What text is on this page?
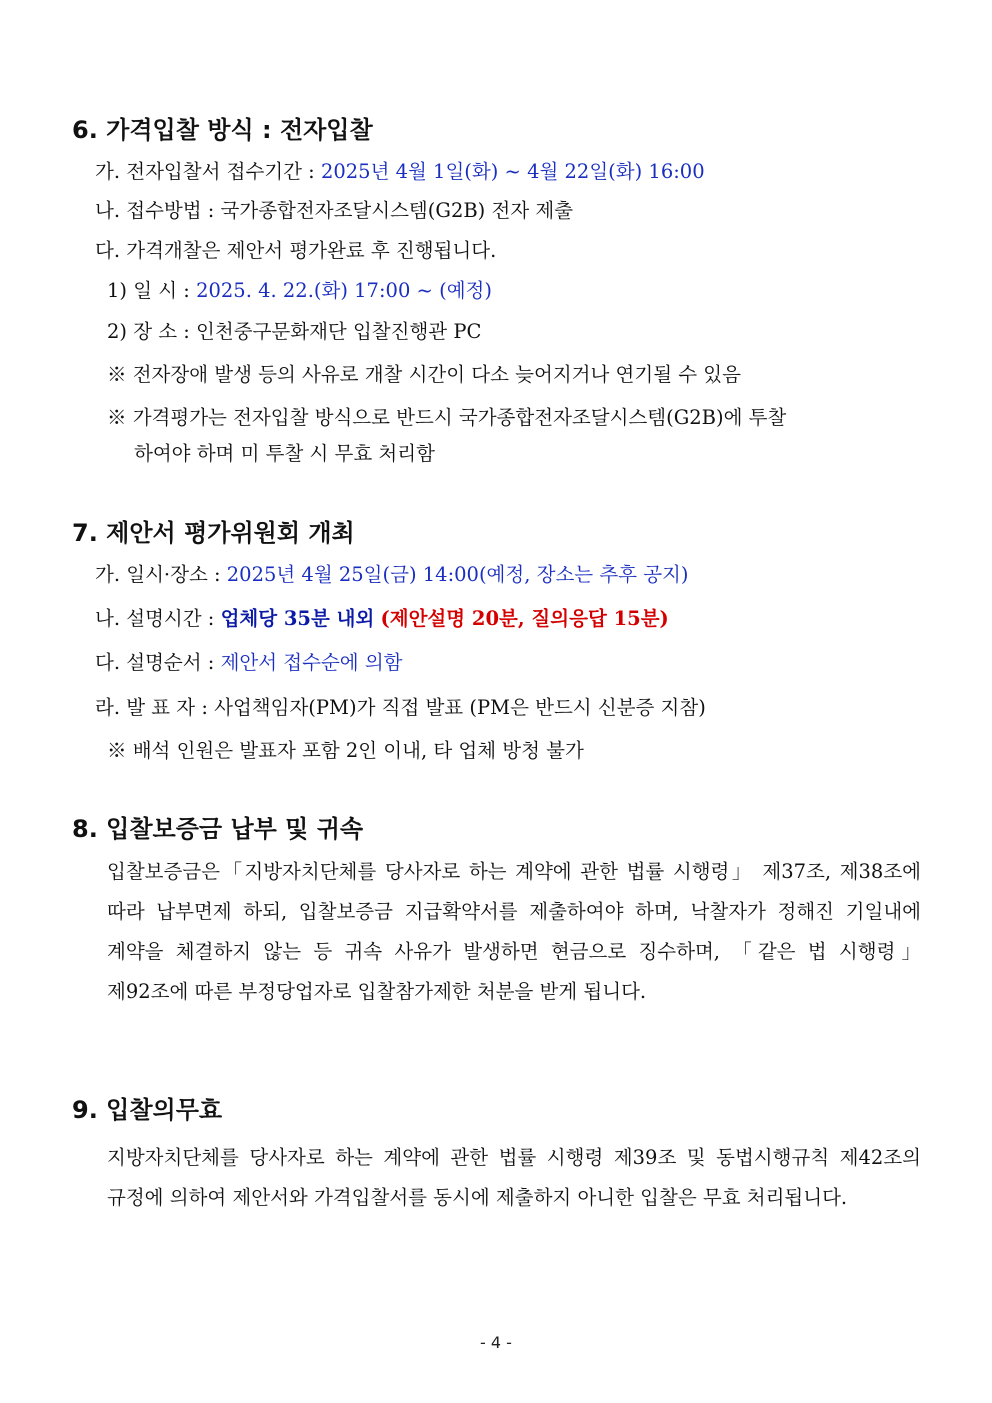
6. 가격입찰 방식 : 전자입찰
가. 전자입찰서 접수기간 : 2025년 4월 1일(화) ~ 4월 22일(화) 16:00
나. 접수방법 : 국가종합전자조달시스템(G2B) 전자 제출
다. 가격개찰은 제안서 평가완료 후 진행됩니다.
1) 일 시 : 2025. 4. 22.(화) 17:00 ~ (예정)
2) 장 소 : 인천중구문화재단 입찰진행관 PC
※ 전자장애 발생 등의 사유로 개찰 시간이 다소 늦어지거나 연기될 수 있음
※ 가격평가는 전자입찰 방식으로 반드시 국가종합전자조달시스템(G2B)에 투찰
하여야 하며 미 투찰 시 무효 처리함
7. 제안서 평가위원회 개최
가. 일시·장소 : 2025년 4월 25일(금) 14:00(예정, 장소는 추후 공지)
나. 설명시간 : 업체당 35분 내외 (제안설명 20분, 질의응답 15분)
다. 설명순서 : 제안서 접수순에 의함
라. 발 표 자 : 사업책임자(PM)가 직접 발표 (PM은 반드시 신분증 지참)
※ 배석 인원은 발표자 포함 2인 이내, 타 업체 방청 불가
8. 입찰보증금 납부 및 귀속
입찰보증금은「지방자치단체를 당사자로 하는 계약에 관한 법률 시행령」 제37조, 제38조에 따라 납부면제 하되, 입찰보증금 지급확약서를 제출하여야 하며, 낙찰자가 정해진 기일내에 계약을 체결하지 않는 등 귀속 사유가 발생하면 현금으로 징수하며, 「같은 법 시행령」 제92조에 따른 부정당업자로 입찰참가제한 처분을 받게 됩니다.
9. 입찰의무효
지방자치단체를 당사자로 하는 계약에 관한 법률 시행령 제39조 및 동법시행규칙 제42조의 규정에 의하여 제안서와 가격입찰서를 동시에 제출하지 아니한 입찰은 무효 처리됩니다.
- 4 -
